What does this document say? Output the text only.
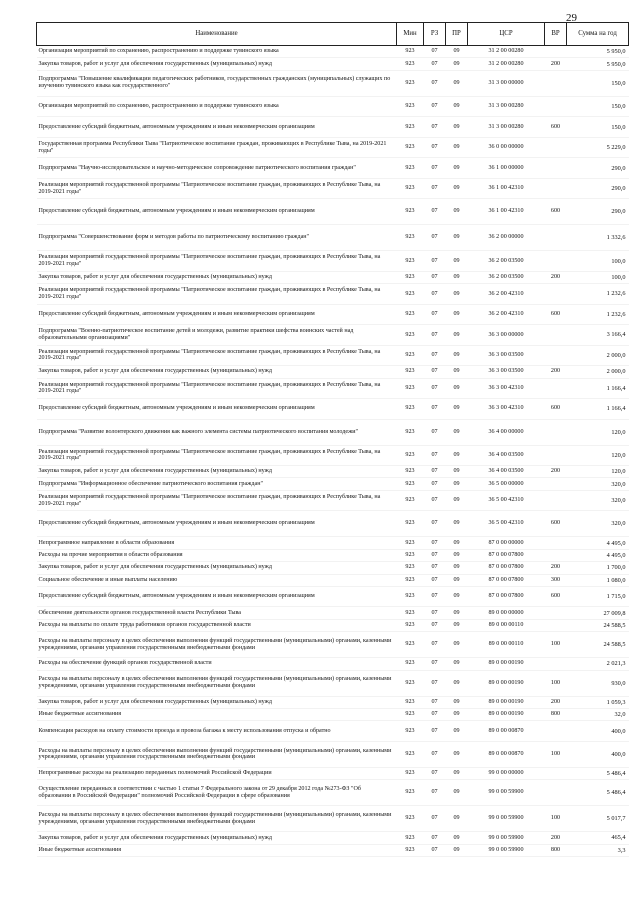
29
Наименование	Мин	РЗ	ПР	ЦСР	ВР	Сумма на год
Организация мероприятий по сохранению, распространению и поддержке тувинского языка	923	07	09	31 2 00 00280		5 950,0
Закупка товаров, работ и услуг для обеспечения государственных (муниципальных) нужд	923	07	09	31 2 00 00280	200	5 950,0
Подпрограмма "Повышение квалификации педагогических работников, государственных гражданских (муниципальных) служащих по изучению тувинского языка как государственного"	923	07	09	31 3 00 00000		150,0
Организация мероприятий по сохранению, распространению и поддержке тувинского языка	923	07	09	31 3 00 00280		150,0
Предоставление субсидий бюджетным, автономным учреждениям и иным некоммерческим организациям	923	07	09	31 3 00 00280	600	150,0
Государственная программа Республики Тыва "Патриотическое воспитание граждан, проживающих в Республике Тыва, на 2019-2021 годы"	923	07	09	36 0 00 00000		5 229,0
Подпрограмма "Научно-исследовательское и научно-методическое сопровождение патриотического воспитания граждан"	923	07	09	36 1 00 00000		290,0
Реализация мероприятий государственной программы "Патриотическое воспитание граждан, проживающих в Республике Тыва, на 2019-2021 годы"	923	07	09	36 1 00 42310		290,0
Предоставление субсидий бюджетным, автономным учреждениям и иным некоммерческим организациям	923	07	09	36 1 00 42310	600	290,0
Подпрограмма "Совершенствование форм и методов работы по патриотическому воспитанию граждан"	923	07	09	36 2 00 00000		1 332,6
Реализация мероприятий государственной программы "Патриотическое воспитание граждан, проживающих в Республике Тыва, на 2019-2021 годы"	923	07	09	36 2 00 03500		100,0
Закупка товаров, работ и услуг для обеспечения государственных (муниципальных) нужд	923	07	09	36 2 00 03500	200	100,0
Реализация мероприятий государственной программы "Патриотическое воспитание граждан, проживающих в Республике Тыва, на 2019-2021 годы"	923	07	09	36 2 00 42310		1 232,6
Предоставление субсидий бюджетным, автономным учреждениям и иным некоммерческим организациям	923	07	09	36 2 00 42310	600	1 232,6
Подпрограмма "Военно-патриотическое воспитание детей и молодежи, развитие практики шефства воинских частей над образовательными организациями"	923	07	09	36 3 00 00000		3 166,4
Реализация мероприятий государственной программы "Патриотическое воспитание граждан, проживающих в Республике Тыва, на 2019-2021 годы"	923	07	09	36 3 00 03500		2 000,0
Закупка товаров, работ и услуг для обеспечения государственных (муниципальных) нужд	923	07	09	36 3 00 03500	200	2 000,0
Реализация мероприятий государственной программы "Патриотическое воспитание граждан, проживающих в Республике Тыва, на 2019-2021 годы"	923	07	09	36 3 00 42310		1 166,4
Предоставление субсидий бюджетным, автономным учреждениям и иным некоммерческим организациям	923	07	09	36 3 00 42310	600	1 166,4
Подпрограмма "Развитие волонтерского движения как важного элемента системы патриотического воспитания молодежи"	923	07	09	36 4 00 00000		120,0
Реализация мероприятий государственной программы "Патриотическое воспитание граждан, проживающих в Республике Тыва, на 2019-2021 годы"	923	07	09	36 4 00 03500		120,0
Закупка товаров, работ и услуг для обеспечения государственных (муниципальных) нужд	923	07	09	36 4 00 03500	200	120,0
Подпрограмма "Информационное обеспечение патриотического воспитания граждан"	923	07	09	36 5 00 00000		320,0
Реализация мероприятий государственной программы "Патриотическое воспитание граждан, проживающих в Республике Тыва, на 2019-2021 годы"	923	07	09	36 5 00 42310		320,0
Предоставление субсидий бюджетным, автономным учреждениям и иным некоммерческим организациям	923	07	09	36 5 00 42310	600	320,0
Непрограммное направление в области образования	923	07	09	87 0 00 00000		4 495,0
Расходы на прочие мероприятия в области образования	923	07	09	87 0 00 07800		4 495,0
Закупка товаров, работ и услуг для обеспечения государственных (муниципальных) нужд	923	07	09	87 0 00 07800	200	1 700,0
Социальное обеспечение и иные выплаты населению	923	07	09	87 0 00 07800	300	1 080,0
Предоставление субсидий бюджетным, автономным учреждениям и иным некоммерческим организациям	923	07	09	87 0 00 07800	600	1 715,0
Обеспечение деятельности органов государственной власти Республики Тыва	923	07	09	89 0 00 00000		27 009,8
Расходы на выплаты по оплате труда работников органов государственной власти	923	07	09	89 0 00 00110		24 588,5
Расходы на выплаты персоналу в целях обеспечения выполнения функций государственными (муниципальными) органами, казенными учреждениями, органами управления государственными внебюджетными фондами	923	07	09	89 0 00 00110	100	24 588,5
Расходы на обеспечение функций органов государственной власти	923	07	09	89 0 00 00190		2 021,3
Расходы на выплаты персоналу в целях обеспечения выполнения функций государственными (муниципальными) органами, казенными учреждениями, органами управления государственными внебюджетными фондами	923	07	09	89 0 00 00190	100	930,0
Закупка товаров, работ и услуг для обеспечения государственных (муниципальных) нужд	923	07	09	89 0 00 00190	200	1 059,3
Иные бюджетные ассигнования	923	07	09	89 0 00 00190	800	32,0
Компенсация расходов на оплату стоимости проезда и провоза багажа к месту использования отпуска и обратно	923	07	09	89 0 00 00870		400,0
Расходы на выплаты персоналу в целях обеспечения выполнения функций государственными (муниципальными) органами, казенными учреждениями, органами управления государственными внебюджетными фондами	923	07	09	89 0 00 00870	100	400,0
Непрограммные расходы на реализацию переданных полномочий Российской Федерации	923	07	09	99 0 00 00000		5 486,4
Осуществление переданных в соответствии с частью 1 статьи 7 Федерального закона от 29 декабря 2012 года №273-ФЗ "Об образовании в Российской Федерации" полномочий Российской Федерации в сфере образования	923	07	09	99 0 00 59900		5 486,4
Расходы на выплаты персоналу в целях обеспечения выполнения функций государственными (муниципальными) органами, казенными учреждениями, органами управления государственными внебюджетными фондами	923	07	09	99 0 00 59900	100	5 017,7
Закупка товаров, работ и услуг для обеспечения государственных (муниципальных) нужд	923	07	09	99 0 00 59900	200	465,4
Иные бюджетные ассигнования	923	07	09	99 0 00 59900	800	3,3
